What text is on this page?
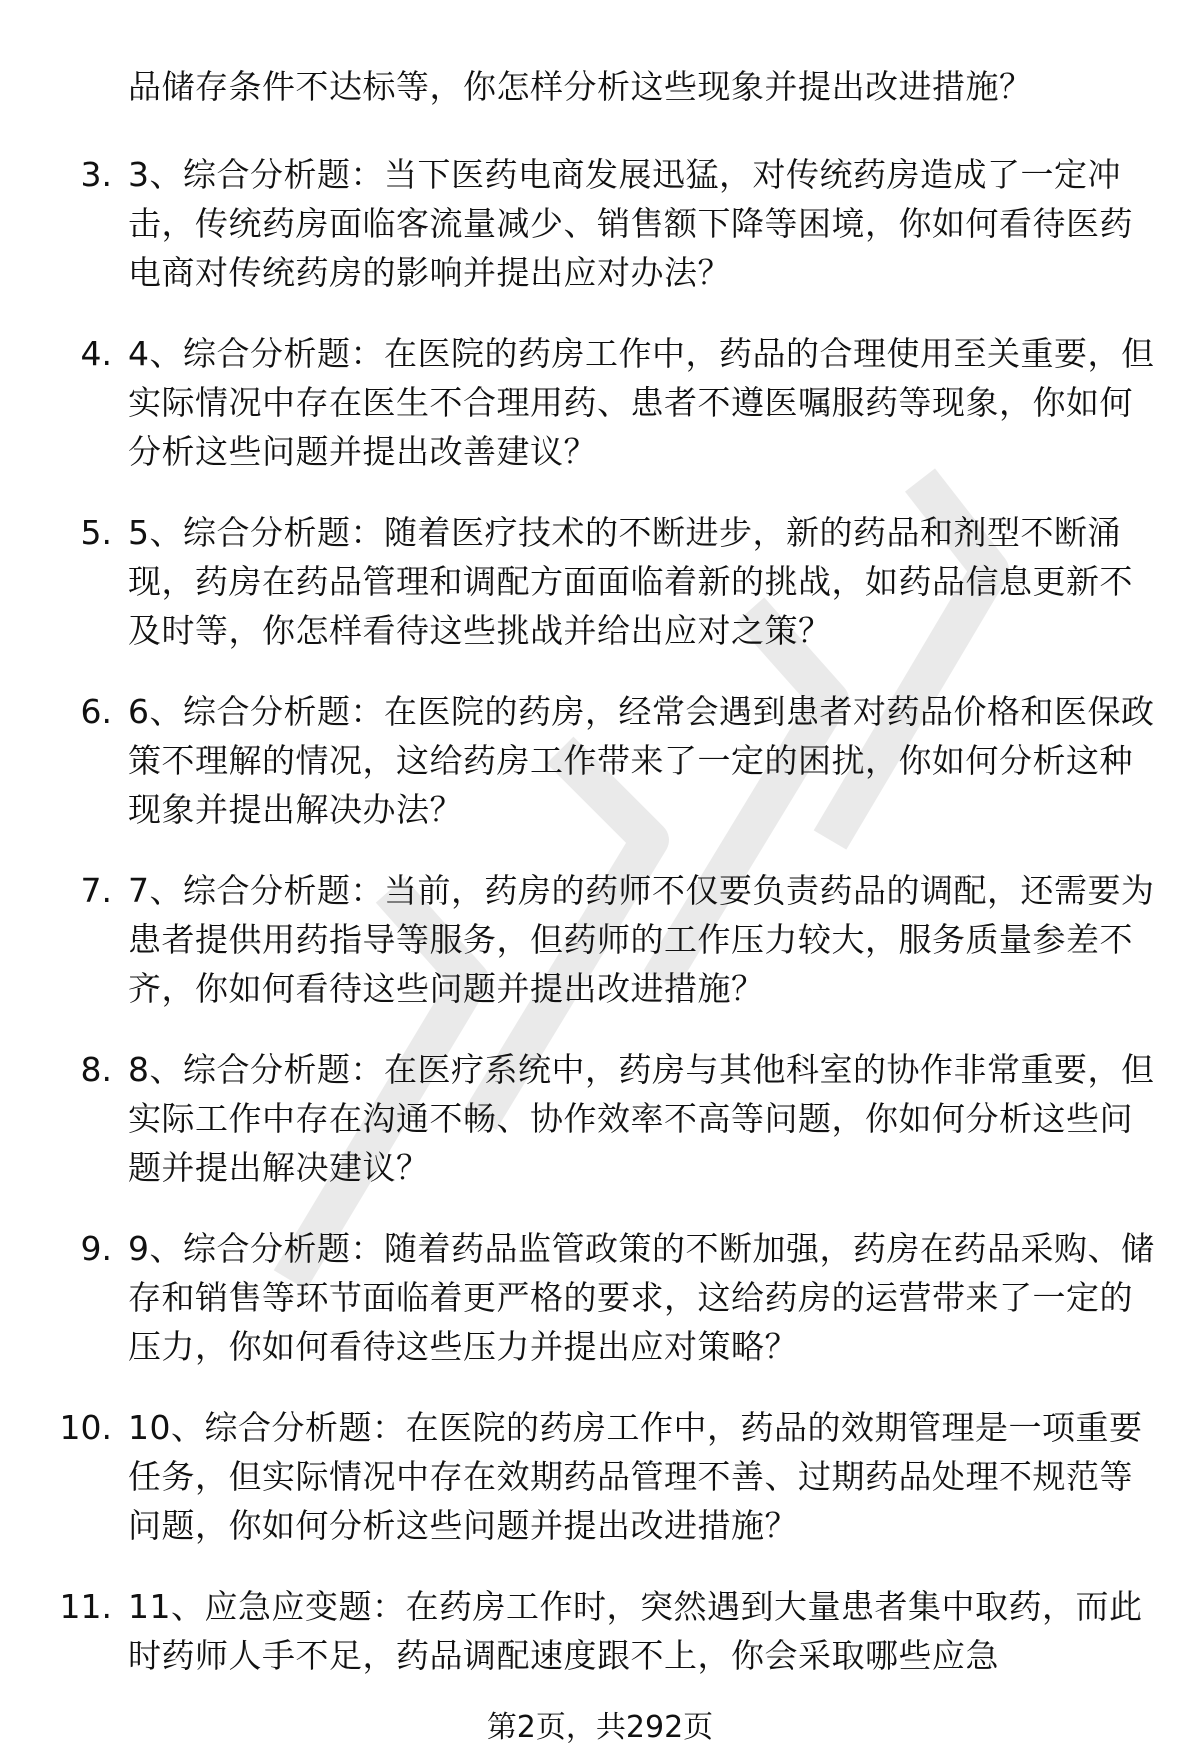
品储存条件不达标等，你怎样分析这些现象并提出改进措施？
3. 3、综合分析题：当下医药电商发展迅猛，对传统药房造成了一定冲击，传统药房面临客流量减少、销售额下降等困境，你如何看待医药电商对传统药房的影响并提出应对办法？
4. 4、综合分析题：在医院的药房工作中，药品的合理使用至关重要，但实际情况中存在医生不合理用药、患者不遵医嘱服药等现象，你如何分析这些问题并提出改善建议？
5. 5、综合分析题：随着医疗技术的不断进步，新的药品和剂型不断涌现，药房在药品管理和调配方面面临着新的挑战，如药品信息更新不及时等，你怎样看待这些挑战并给出应对之策？
6. 6、综合分析题：在医院的药房，经常会遇到患者对药品价格和医保政策不理解的情况，这给药房工作带来了一定的困扰，你如何分析这种现象并提出解决办法？
7. 7、综合分析题：当前，药房的药师不仅要负责药品的调配，还需要为患者提供用药指导等服务，但药师的工作压力较大，服务质量参差不齐，你如何看待这些问题并提出改进措施？
8. 8、综合分析题：在医疗系统中，药房与其他科室的协作非常重要，但实际工作中存在沟通不畅、协作效率不高等问题，你如何分析这些问题并提出解决建议？
9. 9、综合分析题：随着药品监管政策的不断加强，药房在药品采购、储存和销售等环节面临着更严格的要求，这给药房的运营带来了一定的压力，你如何看待这些压力并提出应对策略？
10. 10、综合分析题：在医院的药房工作中，药品的效期管理是一项重要任务，但实际情况中存在效期药品管理不善、过期药品处理不规范等问题，你如何分析这些问题并提出改进措施？
11. 11、应急应变题：在药房工作时，突然遇到大量患者集中取药，而此时药师人手不足，药品调配速度跟不上，你会采取哪些应急
第2页，共292页
